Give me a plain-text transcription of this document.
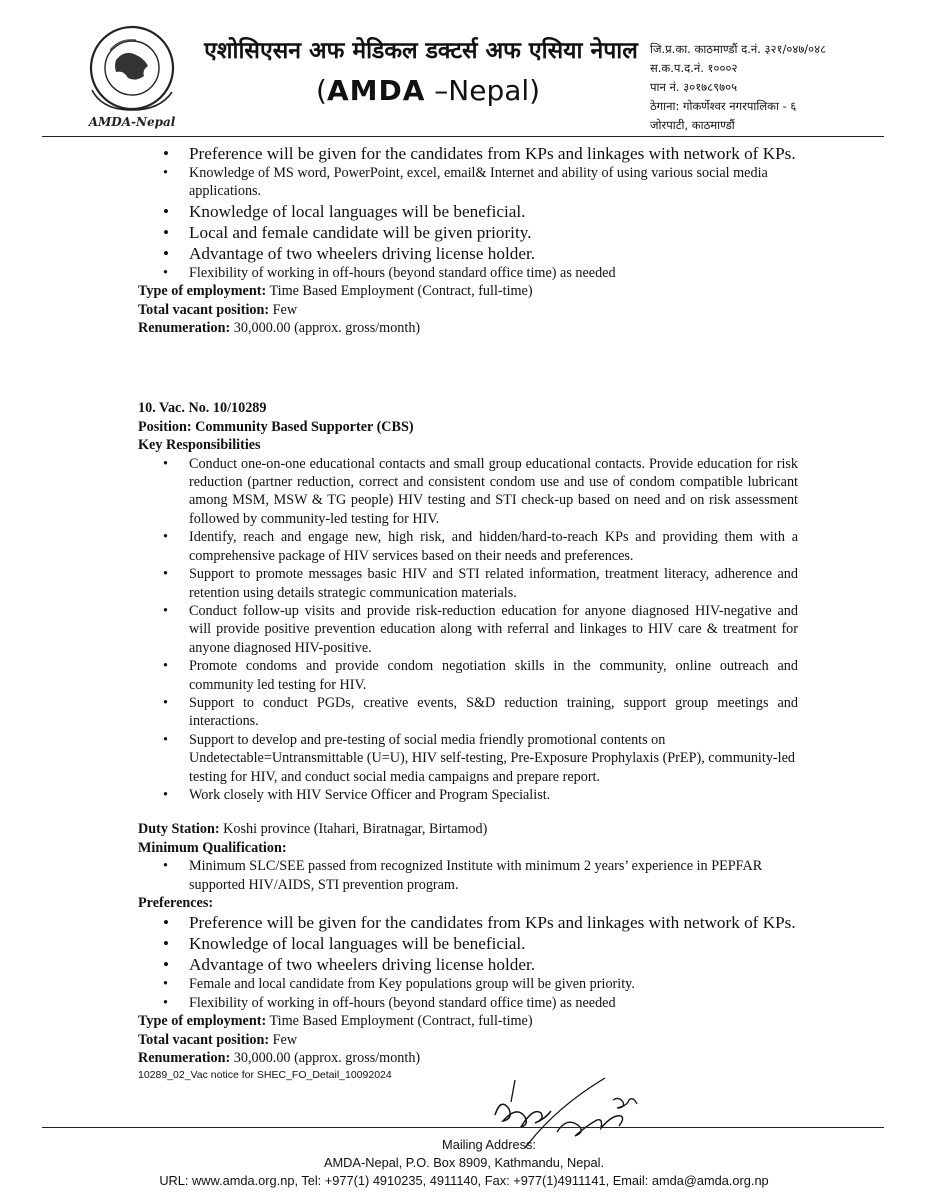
AMDA-Nepal
एशोसिएसन अफ मेडिकल डक्टर्स अफ एसिया नेपाल
(AMDA –Nepal)
जि.प्र.का. काठमाण्डौं द.नं. ३२१/०४७/०४८
स.क.प.द.नं. १०००२
पान नं. ३०१७८९७०५
ठेगाना: गोकर्णेश्वर नगरपालिका - ६
जोरपाटी, काठमाण्डौं
• Preference will be given for the candidates from KPs and linkages with network of KPs.
• Knowledge of MS word, PowerPoint, excel, email& Internet and ability of using various social media applications.
• Knowledge of local languages will be beneficial.
• Local and female candidate will be given priority.
• Advantage of two wheelers driving license holder.
• Flexibility of working in off-hours (beyond standard office time) as needed

Type of employment: Time Based Employment (Contract, full-time)

Total vacant position: Few

Renumeration: 30,000.00 (approx. gross/month)

10. Vac. No. 10/10289

Position: Community Based Supporter (CBS)

Key Responsibilities

• Conduct one-on-one educational contacts and small group educational contacts. Provide education for risk reduction (partner reduction, correct and consistent condom use and use of condom compatible lubricant among MSM, MSW & TG people) HIV testing and STI check-up based on need and on risk assessment followed by community-led testing for HIV.
• Identify, reach and engage new, high risk, and hidden/hard-to-reach KPs and providing them with a comprehensive package of HIV services based on their needs and preferences.
• Support to promote messages basic HIV and STI related information, treatment literacy, adherence and retention using details strategic communication materials.
• Conduct follow-up visits and provide risk-reduction education for anyone diagnosed HIV-negative and will provide positive prevention education along with referral and linkages to HIV care & treatment for anyone diagnosed HIV-positive.
• Promote condoms and provide condom negotiation skills in the community, online outreach and community led testing for HIV.
• Support to conduct PGDs, creative events, S&D reduction training, support group meetings and interactions.
• Support to develop and pre-testing of social media friendly promotional contents on Undetectable=Untransmittable (U=U), HIV self-testing, Pre-Exposure Prophylaxis (PrEP), community-led testing for HIV, and conduct social media campaigns and prepare report.
• Work closely with HIV Service Officer and Program Specialist.

Duty Station: Koshi province (Itahari, Biratnagar, Birtamod)

Minimum Qualification:

• Minimum SLC/SEE passed from recognized Institute with minimum 2 years’ experience in PEPFAR supported HIV/AIDS, STI prevention program.

Preferences:

• Preference will be given for the candidates from KPs and linkages with network of KPs.
• Knowledge of local languages will be beneficial.
• Advantage of two wheelers driving license holder.
• Female and local candidate from Key populations group will be given priority.
• Flexibility of working in off-hours (beyond standard office time) as needed

Type of employment: Time Based Employment (Contract, full-time)

Total vacant position: Few

Renumeration: 30,000.00 (approx. gross/month)

10289_02_Vac notice for SHEC_FO_Detail_10092024

Mailing Address:
AMDA-Nepal, P.O. Box 8909, Kathmandu, Nepal.
URL: www.amda.org.np, Tel: +977(1) 4910235, 4911140, Fax: +977(1)4911141, Email: amda@amda.org.np
